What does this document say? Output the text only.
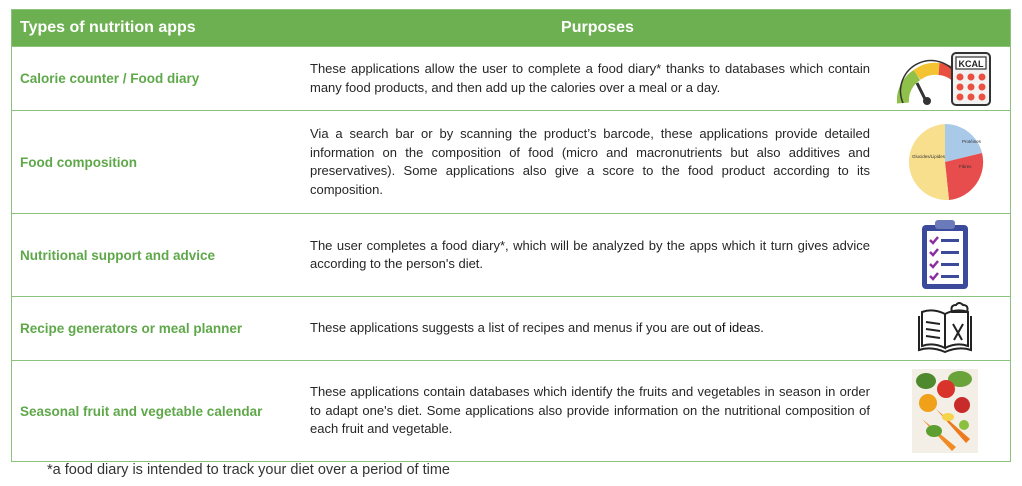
Types of nutrition apps	Purposes
Calorie counter / Food diary
These applications allow the user to complete a food diary* thanks to databases which contain many food products, and then add up the calories over a meal or a day.
KCAL
Food composition
Via a search bar or by scanning the product’s barcode, these applications provide detailed information on the composition of food (micro and macronutrients but also additives and preservatives). Some applications also give a score to the food product according to its composition.
Protéines
Glucides/Lipides
Fibres
Nutritional support and advice
The user completes a food diary*, which will be analyzed by the apps which it turn gives advice according to the person's diet.
Recipe generators or meal planner	These applications suggests a list of recipes and menus if you are out of ideas.
Seasonal fruit and vegetable calendar
These applications contain databases which identify the fruits and vegetables in season in order to adapt one's diet. Some applications also provide information on the nutritional composition of each fruit and vegetable.
*a food diary is intended to track your diet over a period of time
